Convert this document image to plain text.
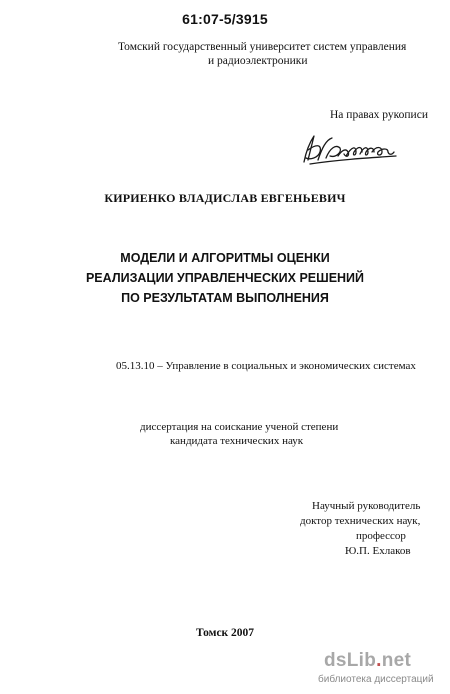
61:07-5/3915
Томский государственный университет систем управления
и радиоэлектроники
На правах рукописи
КИРИЕНКО ВЛАДИСЛАВ ЕВГЕНЬЕВИЧ
МОДЕЛИ И АЛГОРИТМЫ ОЦЕНКИ
РЕАЛИЗАЦИИ УПРАВЛЕНЧЕСКИХ РЕШЕНИЙ
ПО РЕЗУЛЬТАТАМ ВЫПОЛНЕНИЯ
05.13.10 – Управление в социальных и экономических системах
диссертация на соискание ученой степени
кандидата технических наук
Научный руководитель
доктор технических наук,
профессор
Ю.П. Ехлаков
Томск 2007
dsLib.net
библиотека диссертаций
